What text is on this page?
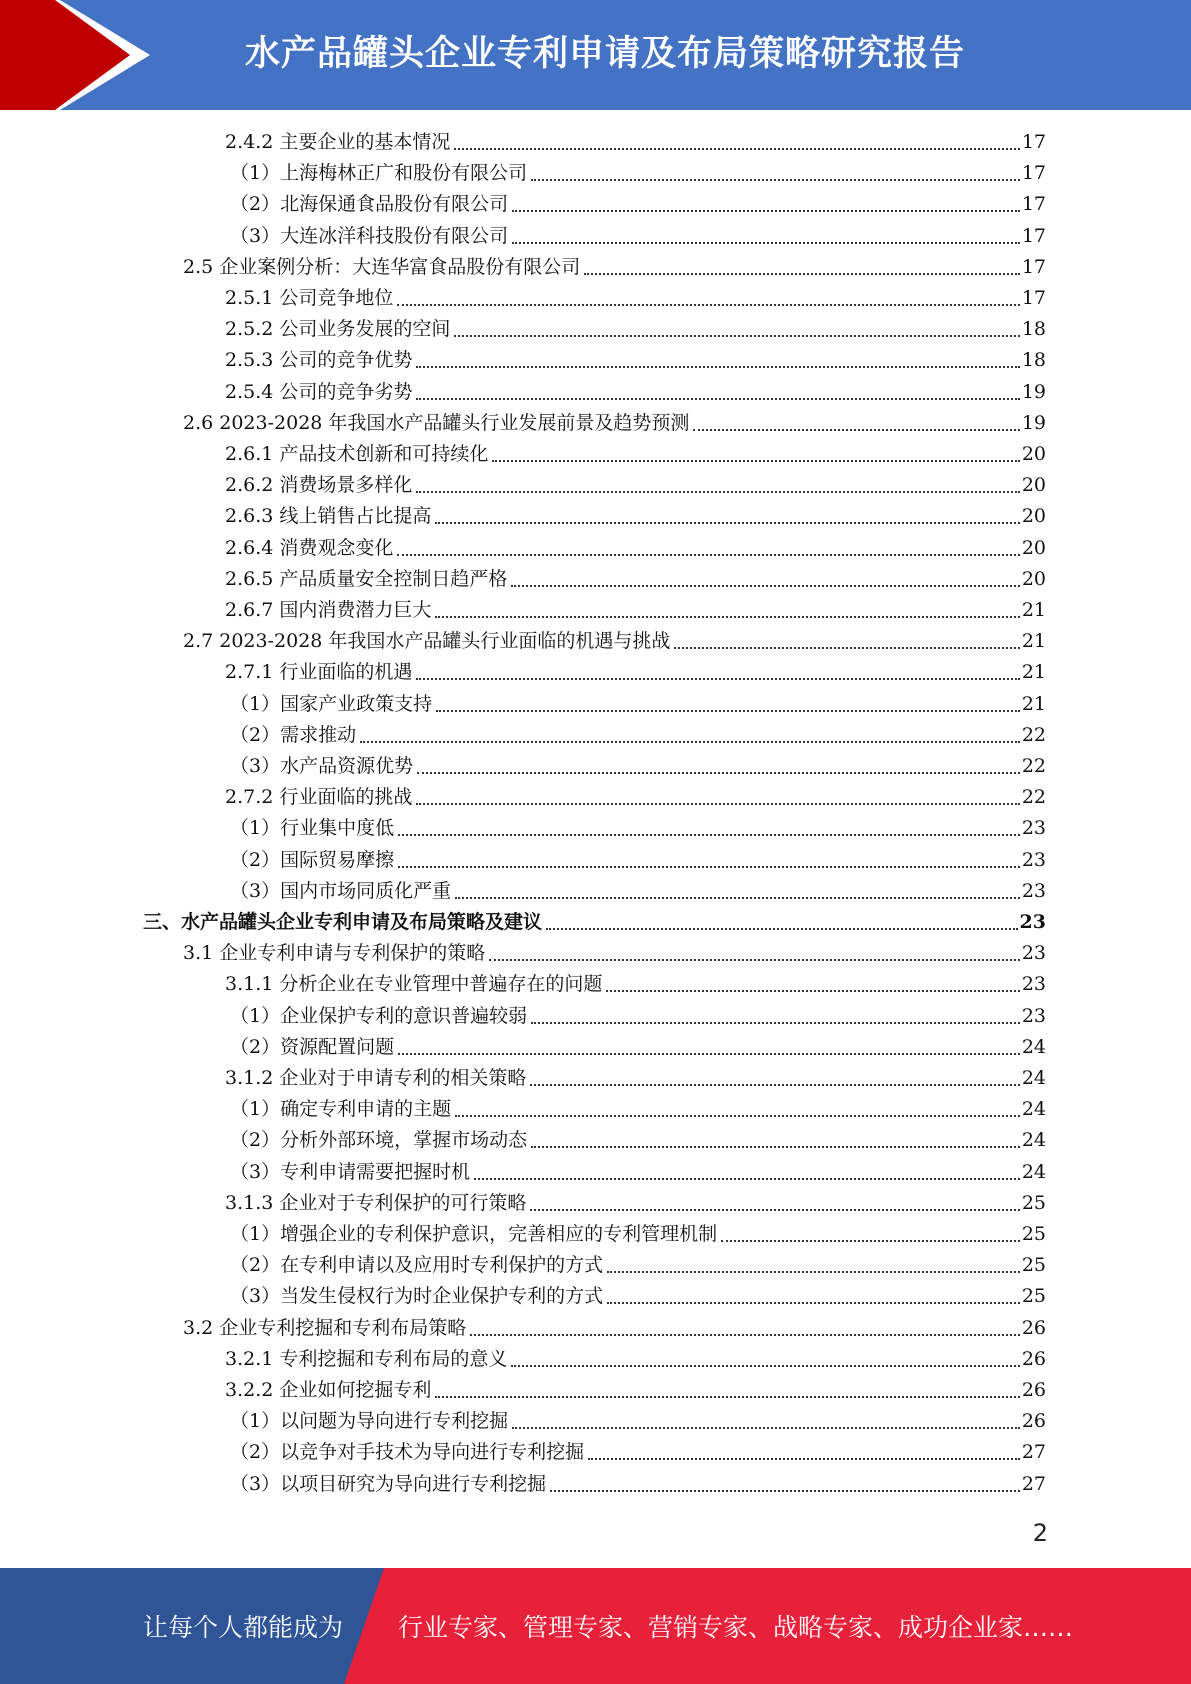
水产品罐头企业专利申请及布局策略研究报告
2.4.2 主要企业的基本情况	17
（1）上海梅林正广和股份有限公司	17
（2）北海保通食品股份有限公司	17
（3）大连冰洋科技股份有限公司	17
2.5 企业案例分析：大连华富食品股份有限公司	17
2.5.1 公司竞争地位	17
2.5.2 公司业务发展的空间	18
2.5.3 公司的竞争优势	18
2.5.4 公司的竞争劣势	19
2.6 2023-2028 年我国水产品罐头行业发展前景及趋势预测	19
2.6.1 产品技术创新和可持续化	20
2.6.2 消费场景多样化	20
2.6.3 线上销售占比提高	20
2.6.4 消费观念变化	20
2.6.5 产品质量安全控制日趋严格	20
2.6.7 国内消费潜力巨大	21
2.7 2023-2028 年我国水产品罐头行业面临的机遇与挑战	21
2.7.1 行业面临的机遇	21
（1）国家产业政策支持	21
（2）需求推动	22
（3）水产品资源优势	22
2.7.2 行业面临的挑战	22
（1）行业集中度低	23
（2）国际贸易摩擦	23
（3）国内市场同质化严重	23
三、水产品罐头企业专利申请及布局策略及建议	23
3.1 企业专利申请与专利保护的策略	23
3.1.1 分析企业在专业管理中普遍存在的问题	23
（1）企业保护专利的意识普遍较弱	23
（2）资源配置问题	24
3.1.2 企业对于申请专利的相关策略	24
（1）确定专利申请的主题	24
（2）分析外部环境，掌握市场动态	24
（3）专利申请需要把握时机	24
3.1.3 企业对于专利保护的可行策略	25
（1）增强企业的专利保护意识，完善相应的专利管理机制	25
（2）在专利申请以及应用时专利保护的方式	25
（3）当发生侵权行为时企业保护专利的方式	25
3.2 企业专利挖掘和专利布局策略	26
3.2.1 专利挖掘和专利布局的意义	26
3.2.2 企业如何挖掘专利	26
（1）以问题为导向进行专利挖掘	26
（2）以竞争对手技术为导向进行专利挖掘	27
（3）以项目研究为导向进行专利挖掘	27
2
让每个人都能成为 行业专家、管理专家、营销专家、战略专家、成功企业家……
